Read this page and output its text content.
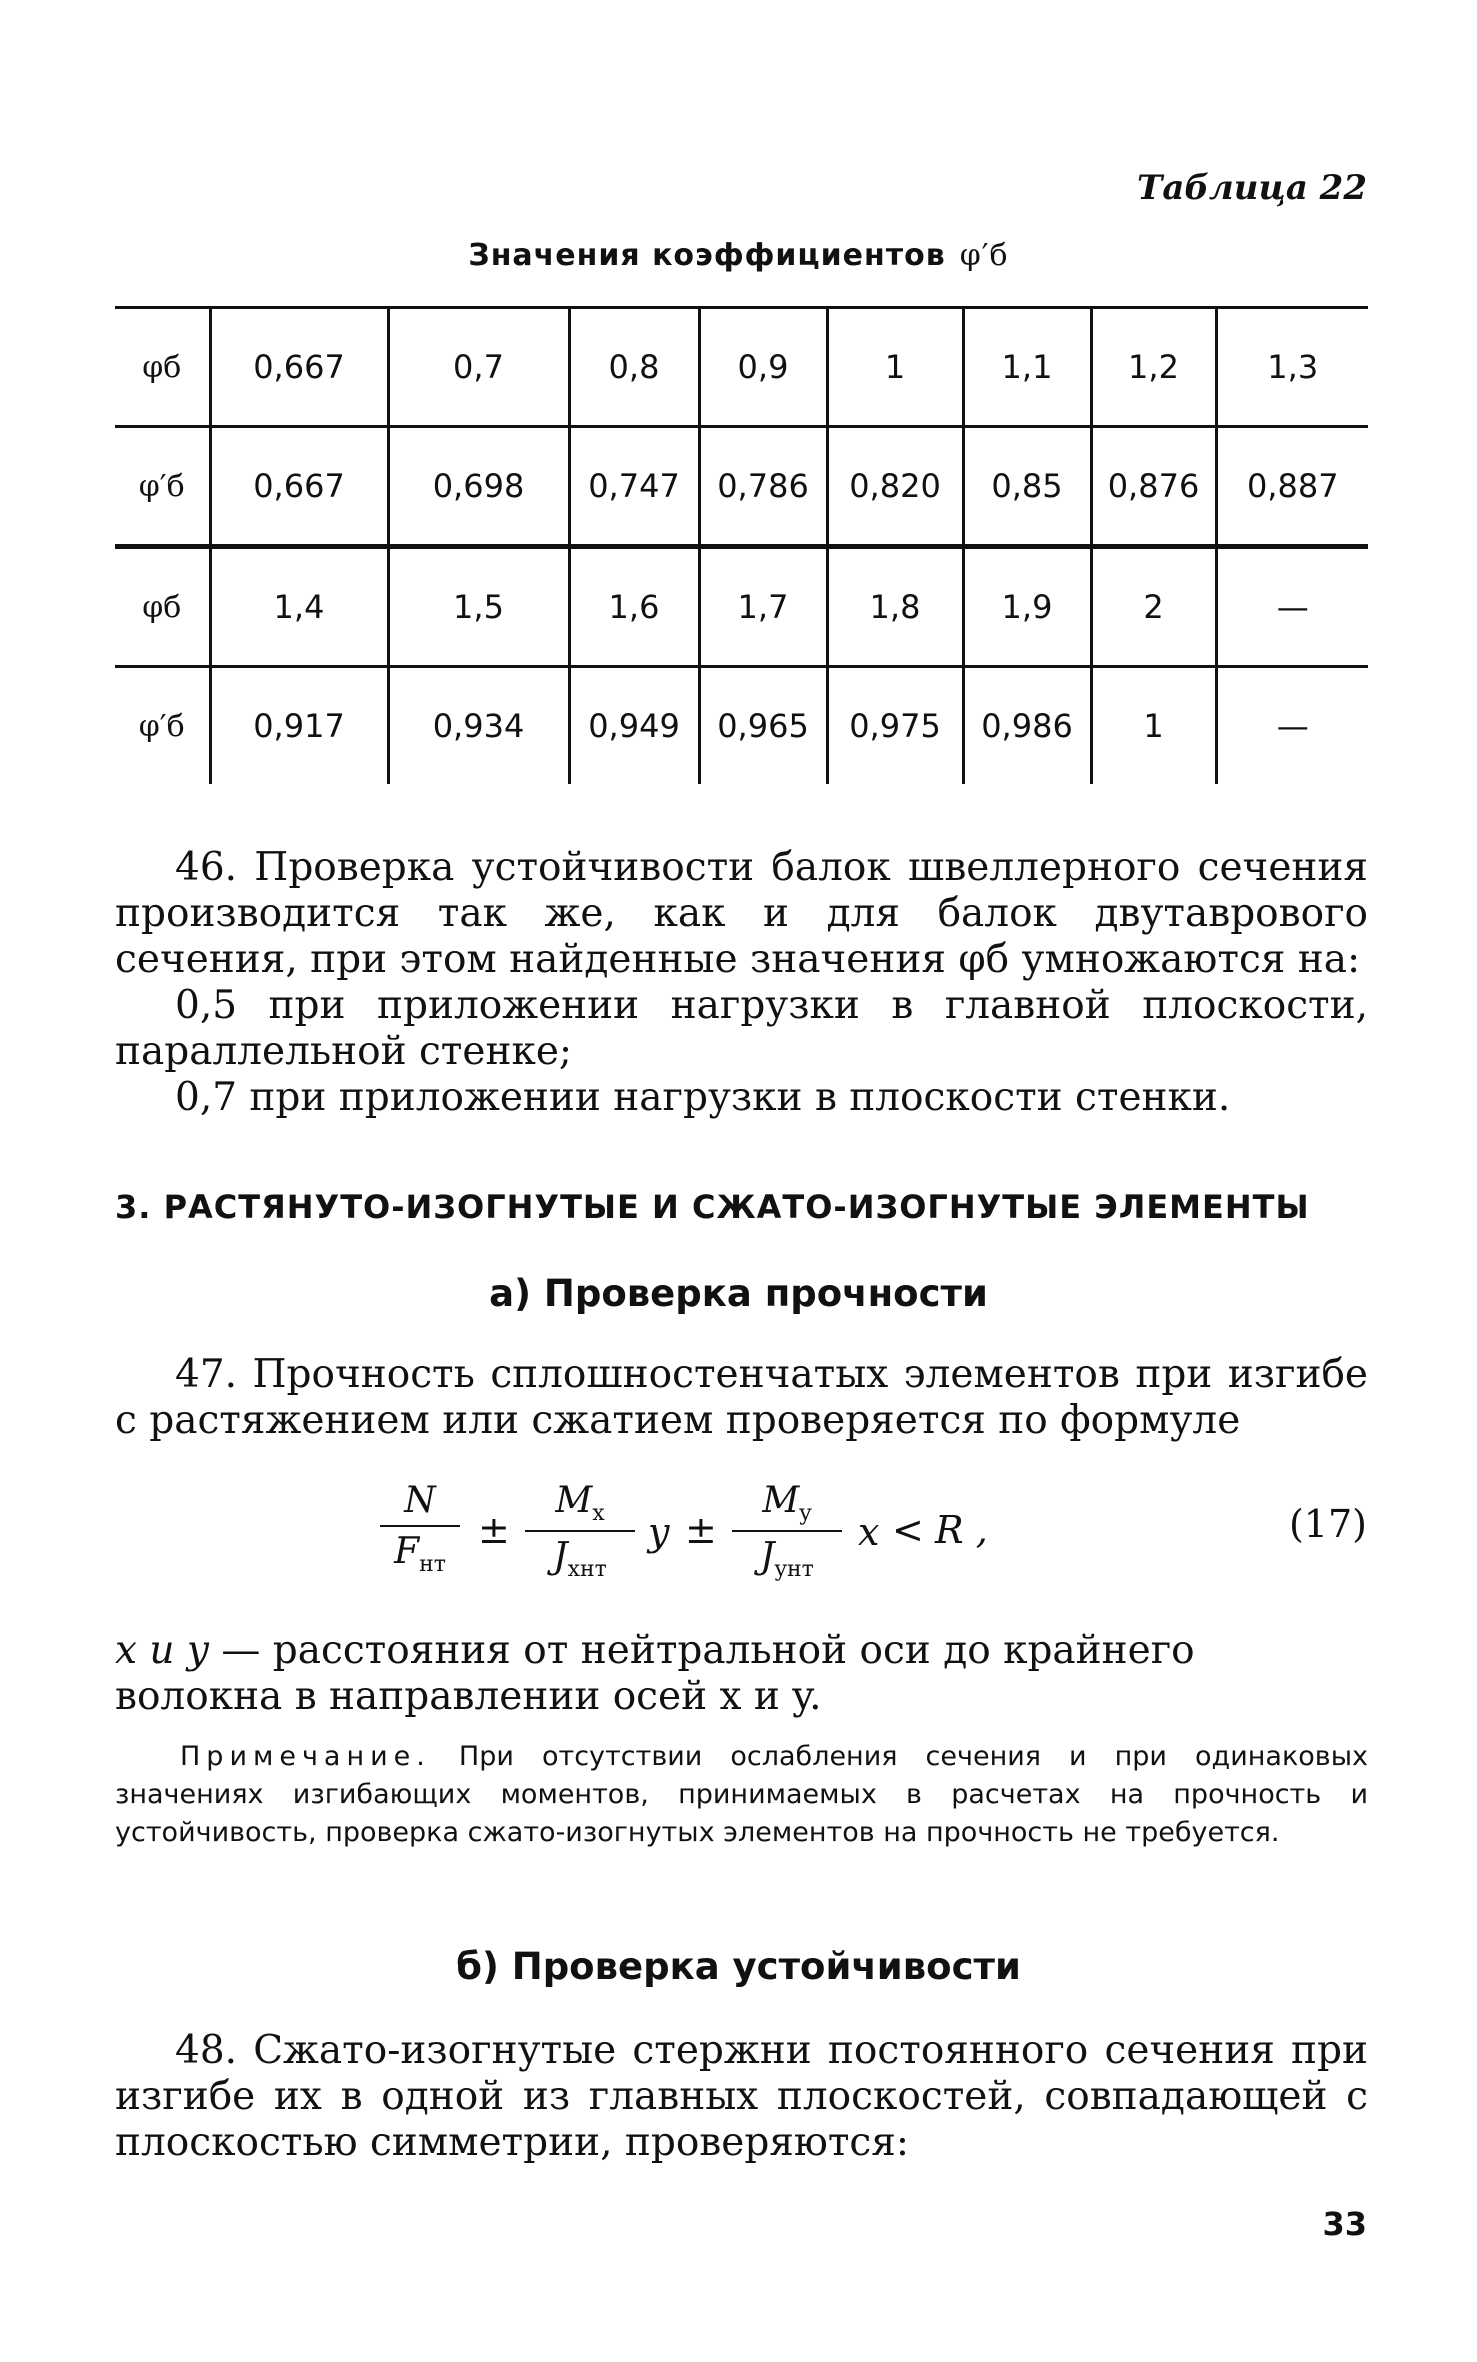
Таблица 22
Значения коэффициентов φ′б
φб	0,667	0,7	0,8	0,9	1	1,1	1,2	1,3
φ′б	0,667	0,698	0,747	0,786	0,820	0,85	0,876	0,887
φб	1,4	1,5	1,6	1,7	1,8	1,9	2	—
φ′б	0,917	0,934	0,949	0,965	0,975	0,986	1	—

46. Проверка устойчивости балок швеллерного сечения производится так же, как и для балок двутаврового сечения, при этом найденные значения φб умножаются на:

0,5 при приложении нагрузки в главной плоскости, параллельной стенке;

0,7 при приложении нагрузки в плоскости стенки.

3. РАСТЯНУТО-ИЗОГНУТЫЕ И СЖАТО-ИЗОГНУТЫЕ ЭЛЕМЕНТЫ
а) Проверка прочности

47. Прочность сплошностенчатых элементов при изгибе с растяжением или сжатием проверяется по формуле

N
$F_{нт}$
±
$M_x$
$J_{xнт}$
y ±
$M_y$
$J_{yнт}$
x < R ,	(17)
x и y — расстояния от нейтральной оси до крайнего волокна в направлении осей x и y.
Примечание. При отсутствии ослабления сечения и при одинаковых значениях изгибающих моментов, принимаемых в расчетах на прочность и устойчивость, проверка сжато-изогнутых элементов на прочность не требуется.
б) Проверка устойчивости

48. Сжато-изогнутые стержни постоянного сечения при изгибе их в одной из главных плоскостей, совпадающей с плоскостью симметрии, проверяются:

33
